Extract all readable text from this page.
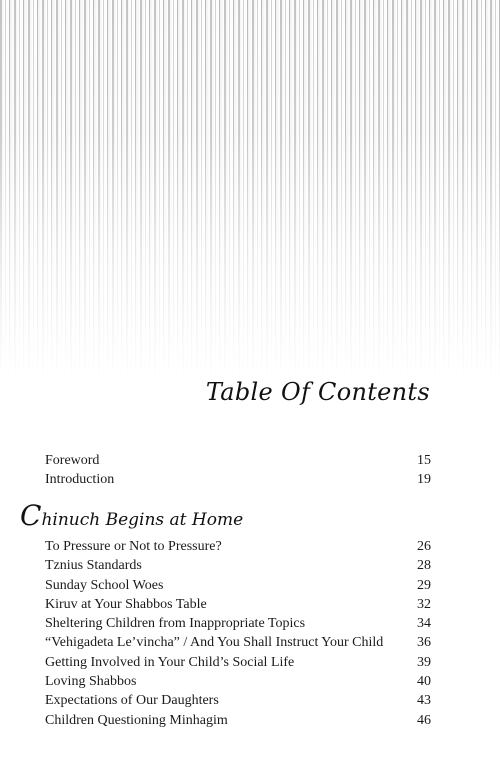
Table Of Contents
Foreword	15
Introduction	19
Chinuch Begins at Home
To Pressure or Not to Pressure?	26
Tznius Standards	28
Sunday School Woes	29
Kiruv at Your Shabbos Table	32
Sheltering Children from Inappropriate Topics	34
“Vehigadeta Le’vincha” / And You Shall Instruct Your Child	36
Getting Involved in Your Child’s Social Life	39
Loving Shabbos	40
Expectations of Our Daughters	43
Children Questioning Minhagim	46
